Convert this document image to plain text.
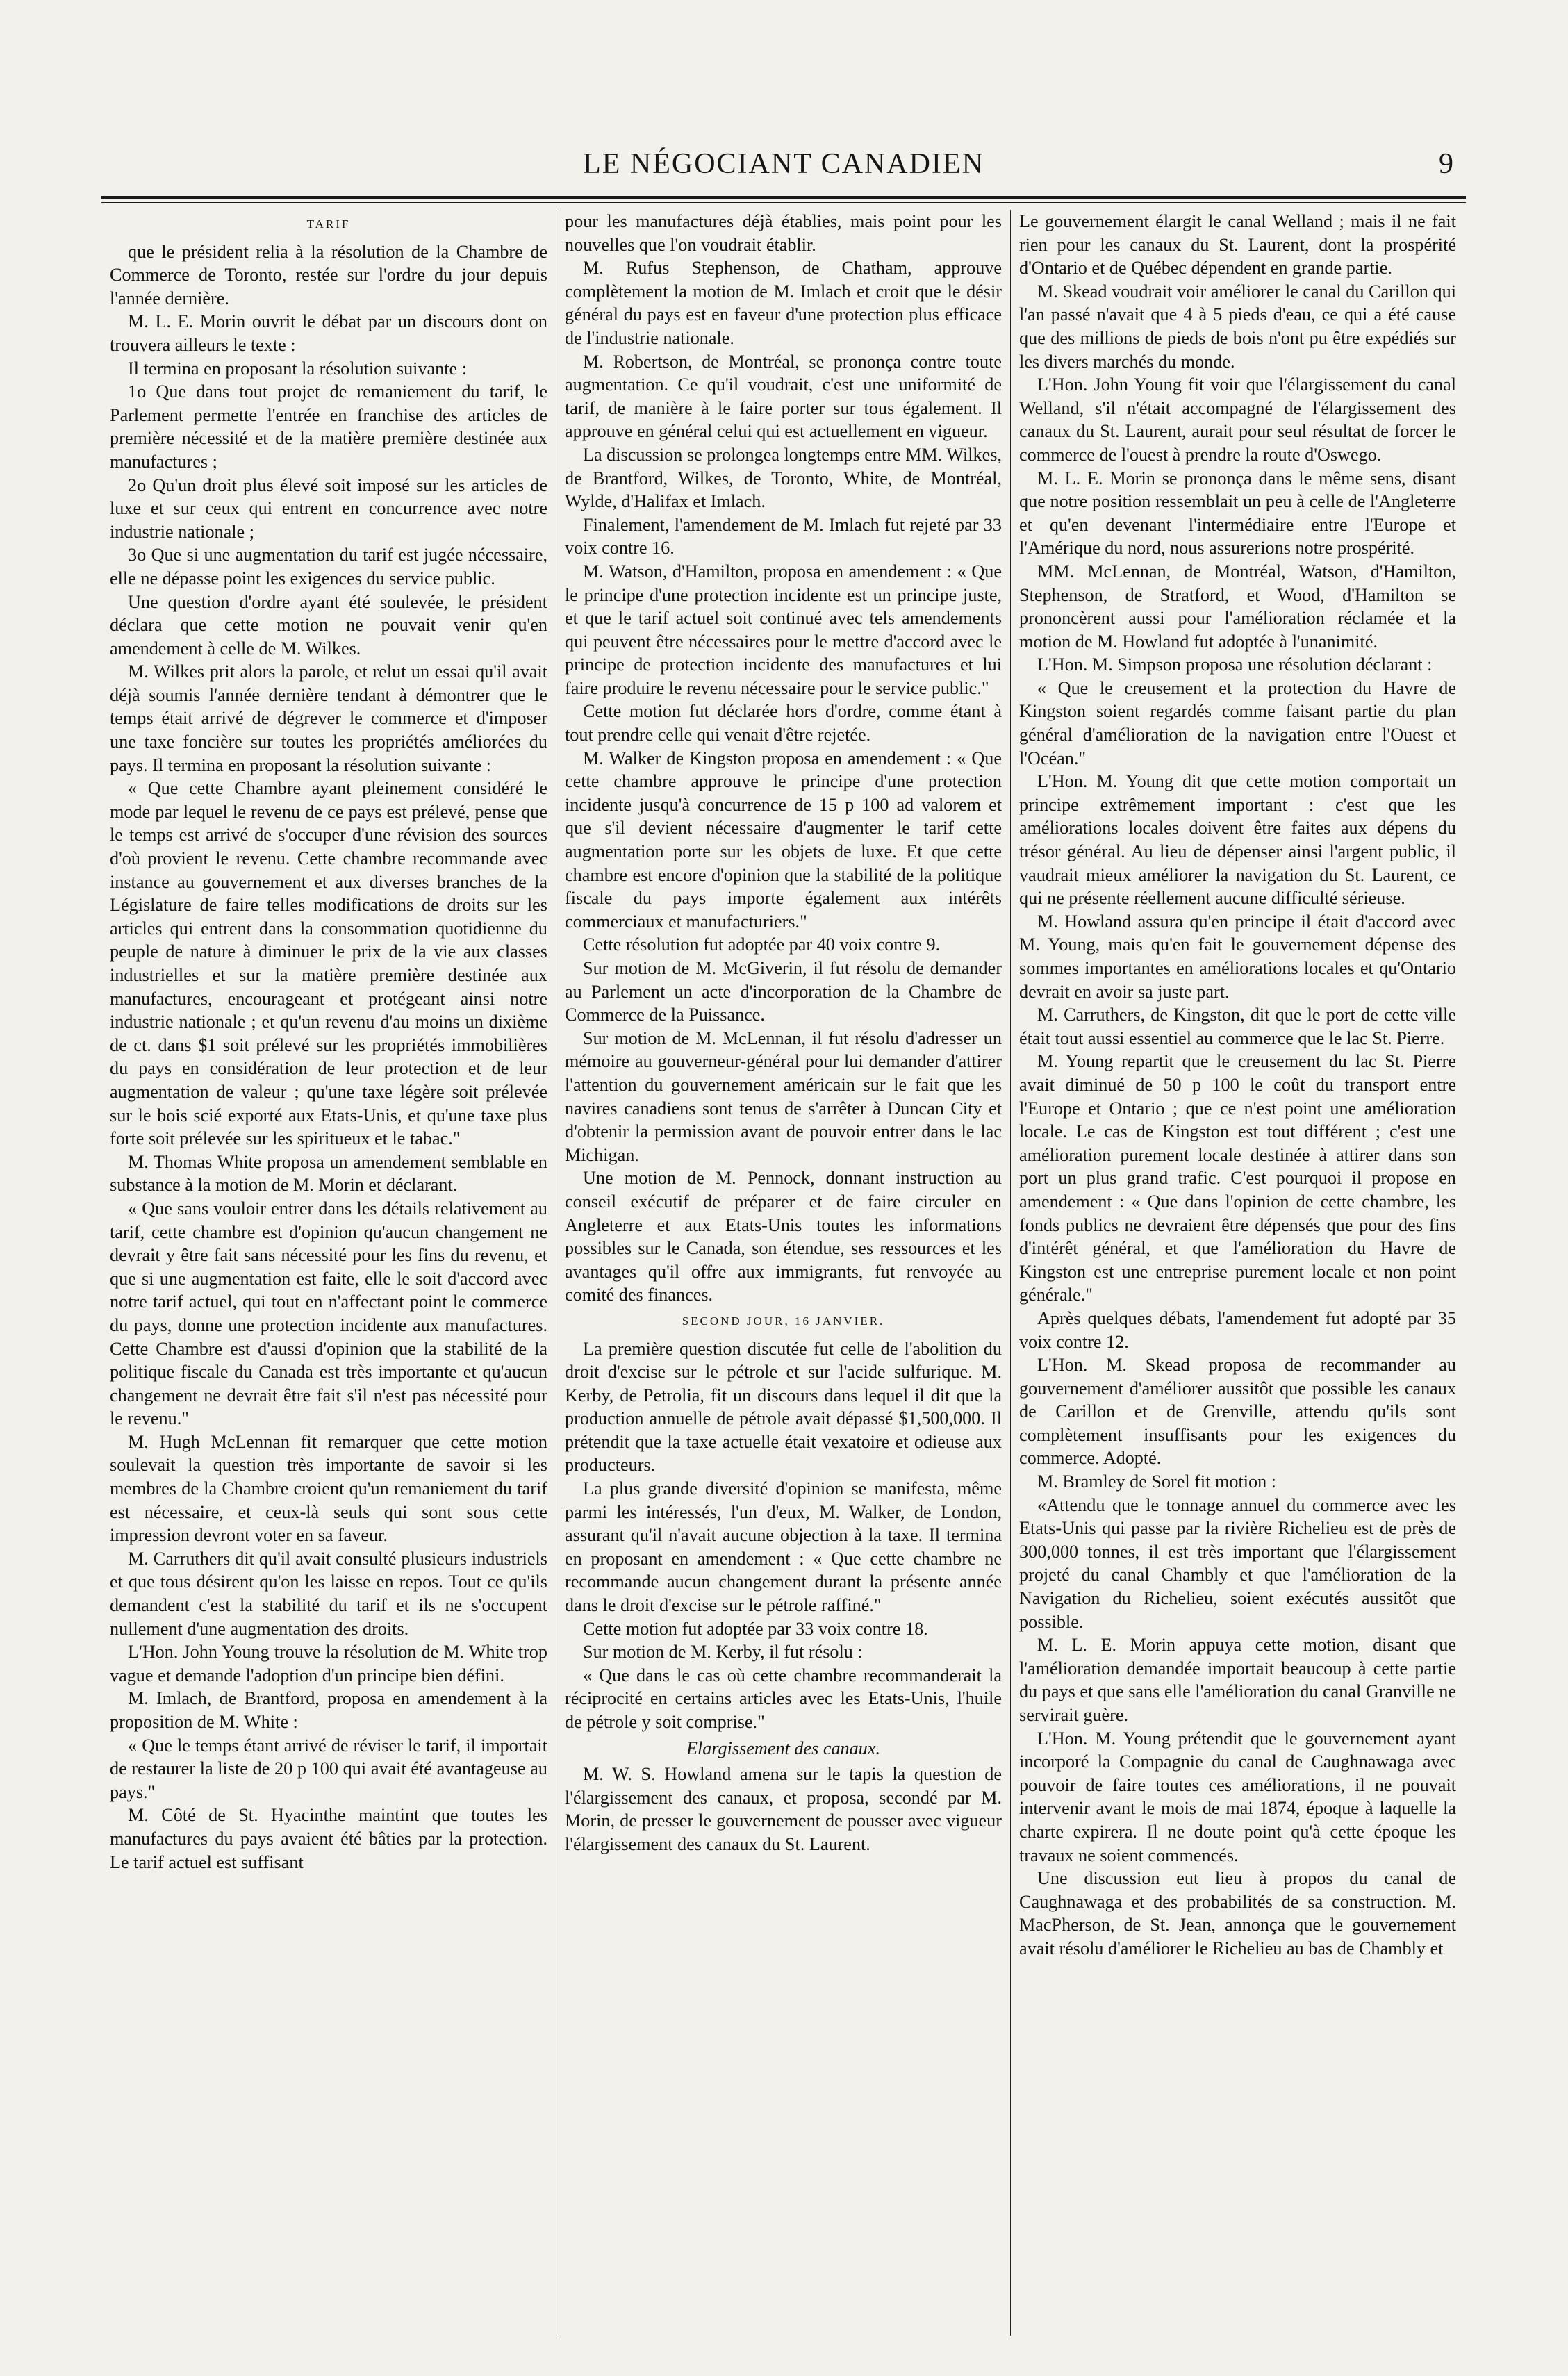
LE NÉGOCIANT CANADIEN	9

TARIF

que le président relia à la résolution de la Chambre de Commerce de Toronto, restée sur l'ordre du jour depuis l'année dernière.

M. L. E. Morin ouvrit le débat par un discours dont on trouvera ailleurs le texte :

Il termina en proposant la résolution suivante :

1o Que dans tout projet de remaniement du tarif, le Parlement permette l'entrée en franchise des articles de première nécessité et de la matière première destinée aux manufactures ;

2o Qu'un droit plus élevé soit imposé sur les articles de luxe et sur ceux qui entrent en concurrence avec notre industrie nationale ;

3o Que si une augmentation du tarif est jugée nécessaire, elle ne dépasse point les exigences du service public.

Une question d'ordre ayant été soulevée, le président déclara que cette motion ne pouvait venir qu'en amendement à celle de M. Wilkes.

M. Wilkes prit alors la parole, et relut un essai qu'il avait déjà soumis l'année dernière tendant à démontrer que le temps était arrivé de dégrever le commerce et d'imposer une taxe foncière sur toutes les propriétés améliorées du pays. Il termina en proposant la résolution suivante :

« Que cette Chambre ayant pleinement considéré le mode par lequel le revenu de ce pays est prélevé, pense que le temps est arrivé de s'occuper d'une révision des sources d'où provient le revenu. Cette chambre recommande avec instance au gouvernement et aux diverses branches de la Législature de faire telles modifications de droits sur les articles qui entrent dans la consommation quotidienne du peuple de nature à diminuer le prix de la vie aux classes industrielles et sur la matière première destinée aux manufactures, encourageant et protégeant ainsi notre industrie nationale ; et qu'un revenu d'au moins un dixième de ct. dans $1 soit prélevé sur les propriétés immobilières du pays en considération de leur protection et de leur augmentation de valeur ; qu'une taxe légère soit prélevée sur le bois scié exporté aux Etats-Unis, et qu'une taxe plus forte soit prélevée sur les spiritueux et le tabac."

M. Thomas White proposa un amendement semblable en substance à la motion de M. Morin et déclarant.

« Que sans vouloir entrer dans les détails relativement au tarif, cette chambre est d'opinion qu'aucun changement ne devrait y être fait sans nécessité pour les fins du revenu, et que si une augmentation est faite, elle le soit d'accord avec notre tarif actuel, qui tout en n'affectant point le commerce du pays, donne une protection incidente aux manufactures. Cette Chambre est d'aussi d'opinion que la stabilité de la politique fiscale du Canada est très importante et qu'aucun changement ne devrait être fait s'il n'est pas nécessité pour le revenu."

M. Hugh McLennan fit remarquer que cette motion soulevait la question très importante de savoir si les membres de la Chambre croient qu'un remaniement du tarif est nécessaire, et ceux-là seuls qui sont sous cette impression devront voter en sa faveur.

M. Carruthers dit qu'il avait consulté plusieurs industriels et que tous désirent qu'on les laisse en repos. Tout ce qu'ils demandent c'est la stabilité du tarif et ils ne s'occupent nullement d'une augmentation des droits.

L'Hon. John Young trouve la résolution de M. White trop vague et demande l'adoption d'un principe bien défini.

M. Imlach, de Brantford, proposa en amendement à la proposition de M. White :

« Que le temps étant arrivé de réviser le tarif, il importait de restaurer la liste de 20 p 100 qui avait été avantageuse au pays."

M. Côté de St. Hyacinthe maintint que toutes les manufactures du pays avaient été bâties par la protection. Le tarif actuel est suffisant

pour les manufactures déjà établies, mais point pour les nouvelles que l'on voudrait établir.

M. Rufus Stephenson, de Chatham, approuve complètement la motion de M. Imlach et croit que le désir général du pays est en faveur d'une protection plus efficace de l'industrie nationale.

M. Robertson, de Montréal, se prononça contre toute augmentation. Ce qu'il voudrait, c'est une uniformité de tarif, de manière à le faire porter sur tous également. Il approuve en général celui qui est actuellement en vigueur.

La discussion se prolongea longtemps entre MM. Wilkes, de Brantford, Wilkes, de Toronto, White, de Montréal, Wylde, d'Halifax et Imlach.

Finalement, l'amendement de M. Imlach fut rejeté par 33 voix contre 16.

M. Watson, d'Hamilton, proposa en amendement : « Que le principe d'une protection incidente est un principe juste, et que le tarif actuel soit continué avec tels amendements qui peuvent être nécessaires pour le mettre d'accord avec le principe de protection incidente des manufactures et lui faire produire le revenu nécessaire pour le service public."

Cette motion fut déclarée hors d'ordre, comme étant à tout prendre celle qui venait d'être rejetée.

M. Walker de Kingston proposa en amendement : « Que cette chambre approuve le principe d'une protection incidente jusqu'à concurrence de 15 p 100 ad valorem et que s'il devient nécessaire d'augmenter le tarif cette augmentation porte sur les objets de luxe. Et que cette chambre est encore d'opinion que la stabilité de la politique fiscale du pays importe également aux intérêts commerciaux et manufacturiers."

Cette résolution fut adoptée par 40 voix contre 9.

Sur motion de M. McGiverin, il fut résolu de demander au Parlement un acte d'incorporation de la Chambre de Commerce de la Puissance.

Sur motion de M. McLennan, il fut résolu d'adresser un mémoire au gouverneur-général pour lui demander d'attirer l'attention du gouvernement américain sur le fait que les navires canadiens sont tenus de s'arrêter à Duncan City et d'obtenir la permission avant de pouvoir entrer dans le lac Michigan.

Une motion de M. Pennock, donnant instruction au conseil exécutif de préparer et de faire circuler en Angleterre et aux Etats-Unis toutes les informations possibles sur le Canada, son étendue, ses ressources et les avantages qu'il offre aux immigrants, fut renvoyée au comité des finances.

SECOND JOUR, 16 JANVIER.

La première question discutée fut celle de l'abolition du droit d'excise sur le pétrole et sur l'acide sulfurique. M. Kerby, de Petrolia, fit un discours dans lequel il dit que la production annuelle de pétrole avait dépassé $1,500,000. Il prétendit que la taxe actuelle était vexatoire et odieuse aux producteurs.

La plus grande diversité d'opinion se manifesta, même parmi les intéressés, l'un d'eux, M. Walker, de London, assurant qu'il n'avait aucune objection à la taxe. Il termina en proposant en amendement : « Que cette chambre ne recommande aucun changement durant la présente année dans le droit d'excise sur le pétrole raffiné."

Cette motion fut adoptée par 33 voix contre 18.

Sur motion de M. Kerby, il fut résolu :

« Que dans le cas où cette chambre recommanderait la réciprocité en certains articles avec les Etats-Unis, l'huile de pétrole y soit comprise."

Elargissement des canaux.

M. W. S. Howland amena sur le tapis la question de l'élargissement des canaux, et proposa, secondé par M. Morin, de presser le gouvernement de pousser avec vigueur l'élargissement des canaux du St. Laurent.

Le gouvernement élargit le canal Welland ; mais il ne fait rien pour les canaux du St. Laurent, dont la prospérité d'Ontario et de Québec dépendent en grande partie.

M. Skead voudrait voir améliorer le canal du Carillon qui l'an passé n'avait que 4 à 5 pieds d'eau, ce qui a été cause que des millions de pieds de bois n'ont pu être expédiés sur les divers marchés du monde.

L'Hon. John Young fit voir que l'élargissement du canal Welland, s'il n'était accompagné de l'élargissement des canaux du St. Laurent, aurait pour seul résultat de forcer le commerce de l'ouest à prendre la route d'Oswego.

M. L. E. Morin se prononça dans le même sens, disant que notre position ressemblait un peu à celle de l'Angleterre et qu'en devenant l'intermédiaire entre l'Europe et l'Amérique du nord, nous assurerions notre prospérité.

MM. McLennan, de Montréal, Watson, d'Hamilton, Stephenson, de Stratford, et Wood, d'Hamilton se prononcèrent aussi pour l'amélioration réclamée et la motion de M. Howland fut adoptée à l'unanimité.

L'Hon. M. Simpson proposa une résolution déclarant :

« Que le creusement et la protection du Havre de Kingston soient regardés comme faisant partie du plan général d'amélioration de la navigation entre l'Ouest et l'Océan."

L'Hon. M. Young dit que cette motion comportait un principe extrêmement important : c'est que les améliorations locales doivent être faites aux dépens du trésor général. Au lieu de dépenser ainsi l'argent public, il vaudrait mieux améliorer la navigation du St. Laurent, ce qui ne présente réellement aucune difficulté sérieuse.

M. Howland assura qu'en principe il était d'accord avec M. Young, mais qu'en fait le gouvernement dépense des sommes importantes en améliorations locales et qu'Ontario devrait en avoir sa juste part.

M. Carruthers, de Kingston, dit que le port de cette ville était tout aussi essentiel au commerce que le lac St. Pierre.

M. Young repartit que le creusement du lac St. Pierre avait diminué de 50 p 100 le coût du transport entre l'Europe et Ontario ; que ce n'est point une amélioration locale. Le cas de Kingston est tout différent ; c'est une amélioration purement locale destinée à attirer dans son port un plus grand trafic. C'est pourquoi il propose en amendement : « Que dans l'opinion de cette chambre, les fonds publics ne devraient être dépensés que pour des fins d'intérêt général, et que l'amélioration du Havre de Kingston est une entreprise purement locale et non point générale."

Après quelques débats, l'amendement fut adopté par 35 voix contre 12.

L'Hon. M. Skead proposa de recommander au gouvernement d'améliorer aussitôt que possible les canaux de Carillon et de Grenville, attendu qu'ils sont complètement insuffisants pour les exigences du commerce. Adopté.

M. Bramley de Sorel fit motion :

«Attendu que le tonnage annuel du commerce avec les Etats-Unis qui passe par la rivière Richelieu est de près de 300,000 tonnes, il est très important que l'élargissement projeté du canal Chambly et que l'amélioration de la Navigation du Richelieu, soient exécutés aussitôt que possible.

M. L. E. Morin appuya cette motion, disant que l'amélioration demandée importait beaucoup à cette partie du pays et que sans elle l'amélioration du canal Granville ne servirait guère.

L'Hon. M. Young prétendit que le gouvernement ayant incorporé la Compagnie du canal de Caughnawaga avec pouvoir de faire toutes ces améliorations, il ne pouvait intervenir avant le mois de mai 1874, époque à laquelle la charte expirera. Il ne doute point qu'à cette époque les travaux ne soient commencés.

Une discussion eut lieu à propos du canal de Caughnawaga et des probabilités de sa construction. M. MacPherson, de St. Jean, annonça que le gouvernement avait résolu d'améliorer le Richelieu au bas de Chambly et
